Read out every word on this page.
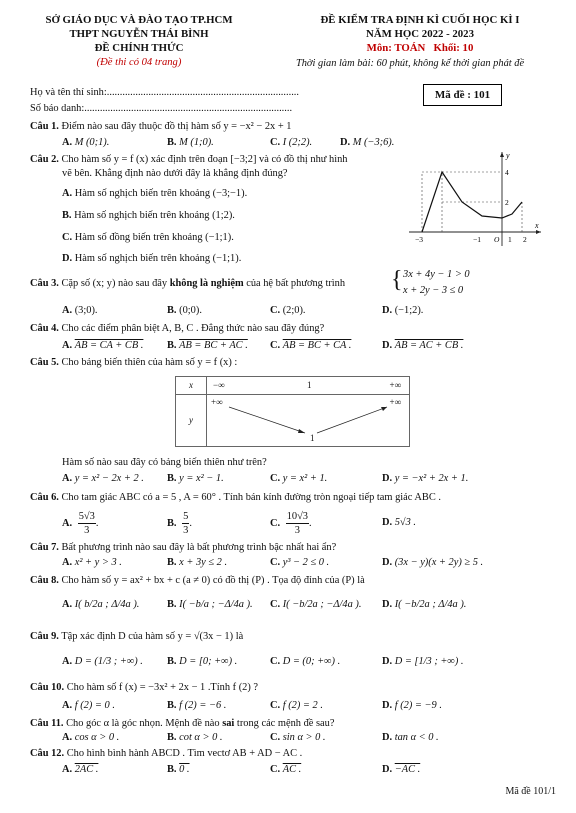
SỞ GIÁO DỤC VÀ ĐÀO TẠO TP.HCM
THPT NGUYỄN THÁI BÌNH
ĐỀ CHÍNH THỨC
(Đề thi có 04 trang)
ĐỀ KIỂM TRA ĐỊNH KÌ CUỐI HỌC KÌ I
NĂM HỌC 2022 - 2023
Môn: TOÁN   Khối: 10
Thời gian làm bài: 60 phút, không kể thời gian phát đề
Họ và tên thí sinh:..........................................................................
Số báo danh:................................................................................
Mã đề : 101
Câu 1. Điểm nào sau đây thuộc đồ thị hàm số y = −x² − 2x + 1
A. M (0;1).	B. M (1;0).	C. I (2;2).	D. M (−3;6).
Câu 2. Cho hàm số y = f (x) xác định trên đoạn [−3;2] và có đồ thị như hình
vẽ bên. Khẳng định nào dưới đây là khẳng định đúng?
A. Hàm số nghịch biến trên khoảng (−3;−1).
B. Hàm số nghịch biến trên khoảng (1;2).
C. Hàm số đồng biến trên khoảng (−1;1).
D. Hàm số nghịch biến trên khoảng (−1;1).
y
x
4
2
−3	−1 O 1 2
Câu 3. Cặp số (x; y) nào sau đây không là nghiệm của hệ bất phương trình { 3x + 4y − 1 > 0
x + 2y − 3 ≤ 0
A. (3;0).	B. (0;0).	C. (2;0).	D. (−1;2).
Câu 4. Cho các điểm phân biệt A, B, C . Đẳng thức nào sau đây đúng?
A. AB = CA + CB . B. AB = BC + AC . C. AB = BC + CA .	D. AB = AC + CB .
Câu 5. Cho bảng biến thiên của hàm số y = f (x) :
x	−∞ 1 +∞

y	+∞ +∞
1
Hàm số nào sau đây có bảng biến thiên như trên?
A. y = x² − 2x + 2 . B. y = x² − 1.	C. y = x² + 1.	D. y = −x² + 2x + 1.
Câu 6. Cho tam giác ABC có a = 5 , A = 60° . Tính bán kính đường tròn ngoại tiếp tam giác ABC .
A. $\frac{5√3}{3}$ .	B. $\frac{5}{3}$ .	C. $\frac{10√3}{3}$ .	D. 5√3 .
Câu 7. Bất phương trình nào sau đây là bất phương trình bậc nhất hai ẩn?
A. x² + y > 3 .	B. x + 3y ≤ 2 .	C. y³ − 2 ≤ 0 .	D. (3x − y)(x + 2y) ≥ 5 .
Câu 8. Cho hàm số y = ax² + bx + c (a ≠ 0) có đồ thị (P) . Tọa độ đỉnh của (P) là
A. I( b/2a ; Δ/4a ).	B. I( −b/a ; −Δ/4a ). C. I( −b/2a ; −Δ/4a ). D. I( −b/2a ; Δ/4a ).
Câu 9. Tập xác định D của hàm số y = √(3x − 1) là
A. D = (1/3 ; +∞) . B. D = [0; +∞) .	C. D = (0; +∞) .	D. D = [1/3 ; +∞) .
Câu 10. Cho hàm số f (x) = −3x² + 2x − 1 .Tính f (2) ?
A. f (2) = 0 .	B. f (2) = −6 .	C. f (2) = 2 .	D. f (2) = −9 .
Câu 11. Cho góc α là góc nhọn. Mệnh đề nào sai trong các mệnh đề sau?
A. cos α > 0 .	B. cot α > 0 .	C. sin α > 0 .	D. tan α < 0 .
Câu 12. Cho hình bình hành ABCD . Tìm vectơ AB + AD − AC .
A. 2AC .	B. 0 .	C. AC .	D. −AC .
Mã đề 101/1
